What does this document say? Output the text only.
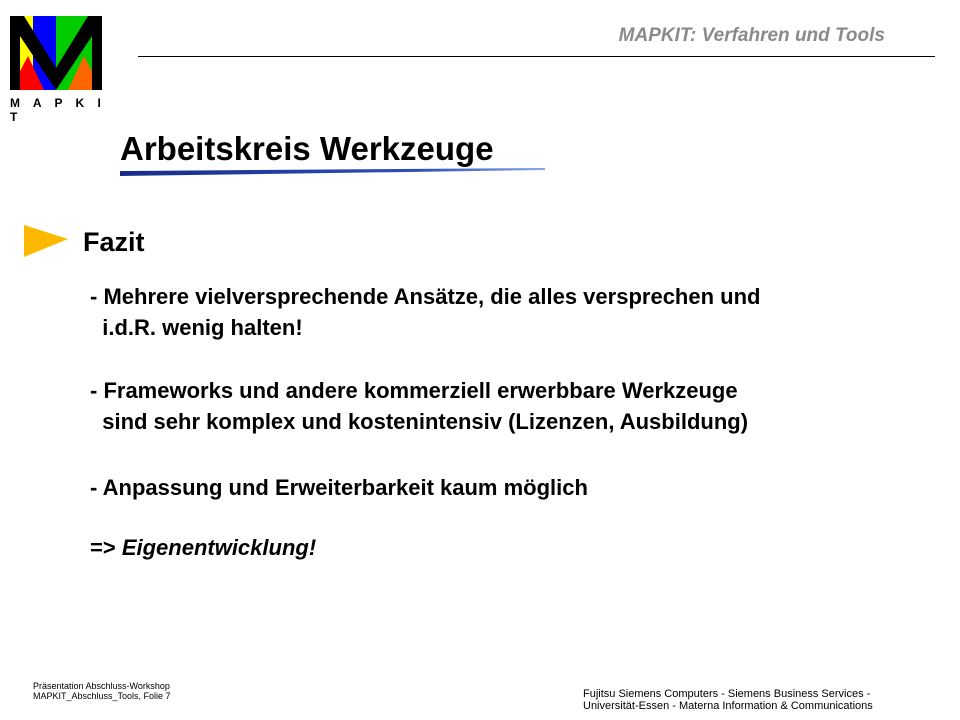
M A P K I T
MAPKIT: Verfahren und Tools
Arbeitskreis Werkzeuge
Fazit
- Mehrere vielversprechende Ansätze, die alles versprechen und
i.d.R. wenig halten!
- Frameworks und andere kommerziell erwerbbare Werkzeuge
sind sehr komplex und kostenintensiv (Lizenzen, Ausbildung)
- Anpassung und Erweiterbarkeit kaum möglich
=> Eigenentwicklung!
Präsentation Abschluss-Workshop
MAPKIT_Abschluss_Tools, Folie 7	Fujitsu Siemens Computers - Siemens Business Services -
Universität-Essen - Materna Information & Communications
